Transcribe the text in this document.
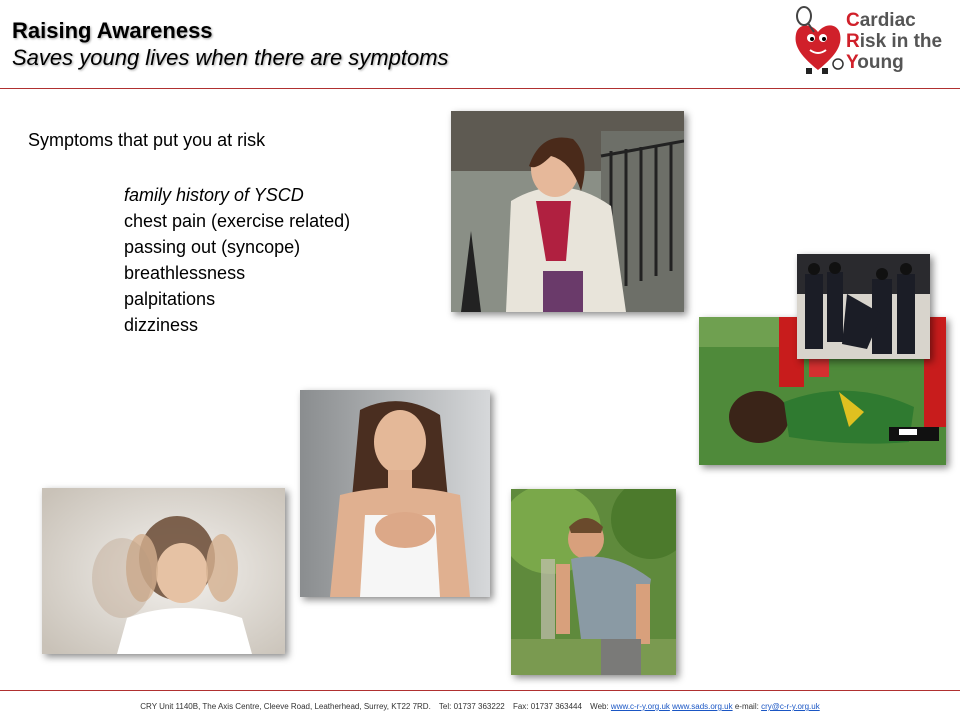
Raising Awareness
Saves young lives when there are symptoms
Cardiac
Risk in the
Young
Symptoms that put you at risk
family history of YSCD
chest pain (exercise related)
passing out (syncope)
breathlessness
palpitations
dizziness
CRY Unit 1140B, The Axis Centre, Cleeve Road, Leatherhead, Surrey, KT22 7RD. Tel: 01737 363222 Fax: 01737 363444 Web: www.c-r-y.org.uk www.sads.org.uk e-mail: cry@c-r-y.org.uk
